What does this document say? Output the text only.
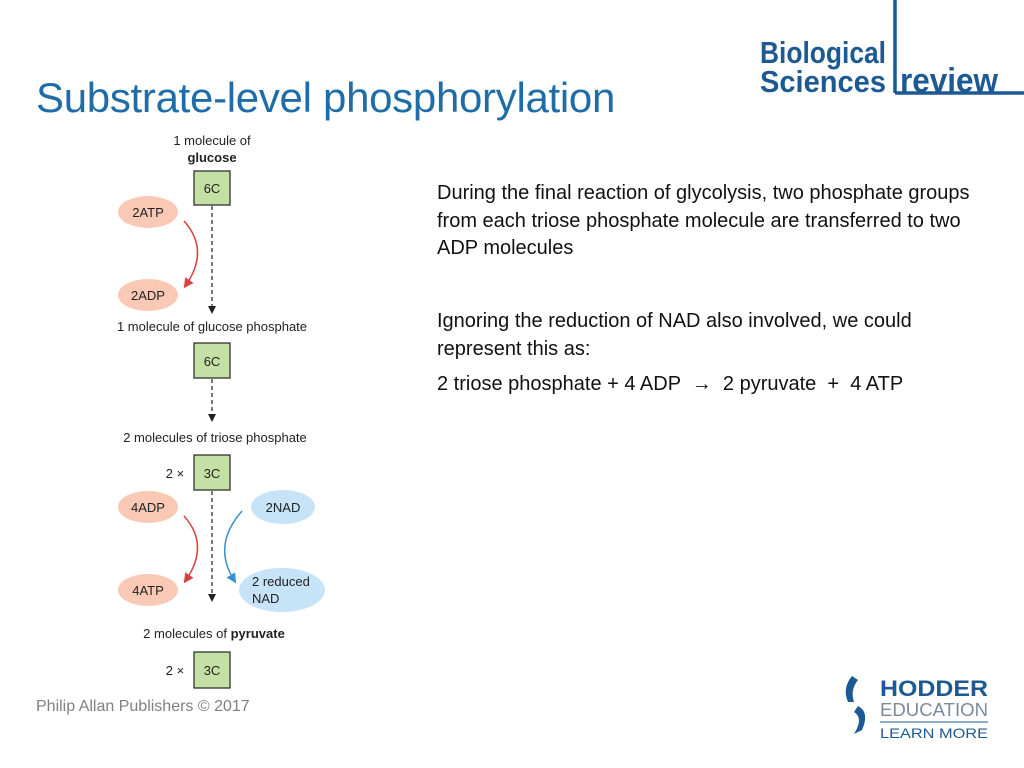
Substrate-level phosphorylation
1 molecule of
glucose
6C
2ATP
2ADP
1 molecule of glucose phosphate
6C
2 molecules of triose phosphate
2 × 3C
4ADP
4ATP
2NAD
2 reduced
NAD
2 molecules of pyruvate
2 × 3C

During the final reaction of glycolysis, two phosphate groups from each triose phosphate molecule are transferred to two ADP molecules

Ignoring the reduction of NAD also involved, we could represent this as:

2 triose phosphate + 4 ADP  →  2 pyruvate  +  4 ATP

Philip Allan Publishers © 2017
Biological
Sciences review
HODDER
EDUCATION
LEARN MORE
